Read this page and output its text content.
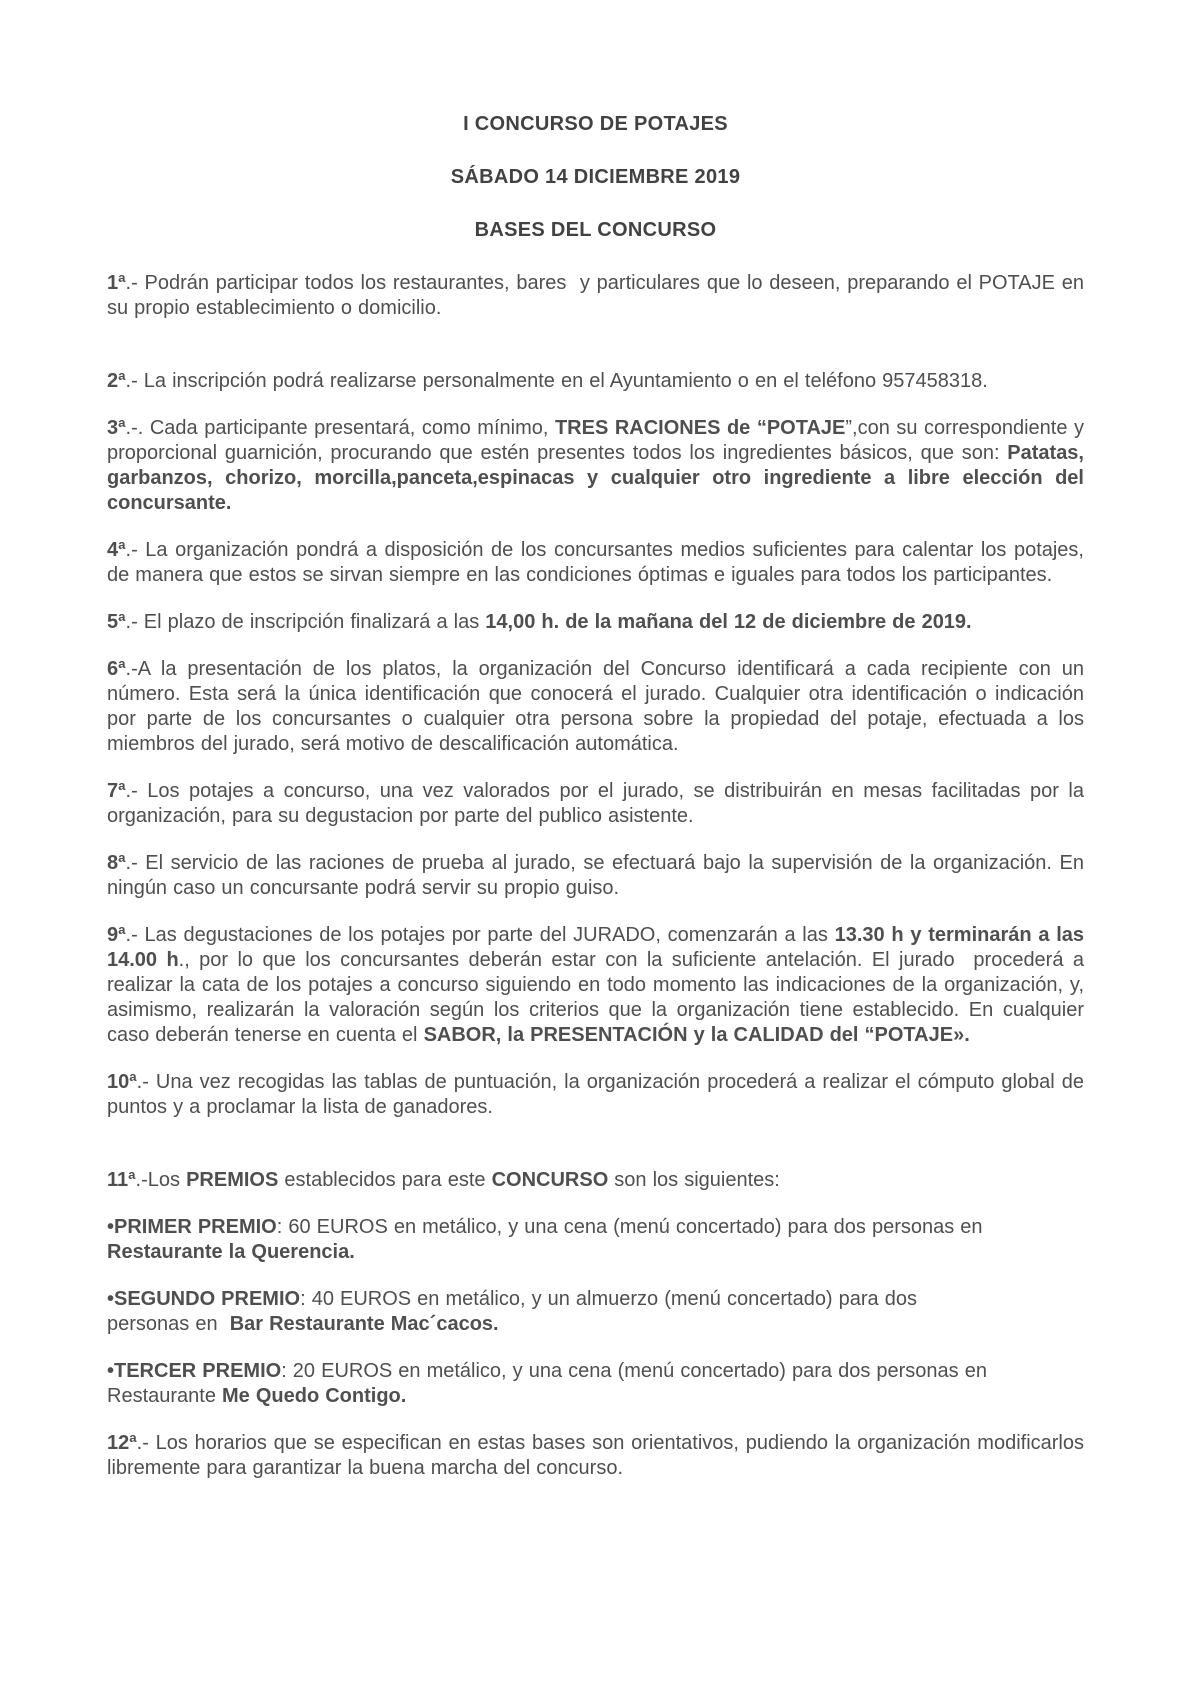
I CONCURSO DE POTAJES
SÁBADO 14 DICIEMBRE 2019
BASES DEL CONCURSO

1ª.- Podrán participar todos los restaurantes, bares  y particulares que lo deseen, preparando el POTAJE en su propio establecimiento o domicilio.

2ª.- La inscripción podrá realizarse personalmente en el Ayuntamiento o en el teléfono 957458318.

3ª.-. Cada participante presentará, como mínimo, TRES RACIONES de “POTAJE”,con su correspondiente y proporcional guarnición, procurando que estén presentes todos los ingredientes básicos, que son: Patatas, garbanzos, chorizo, morcilla,panceta,espinacas y cualquier otro ingrediente a libre elección del concursante.

4ª.- La organización pondrá a disposición de los concursantes medios suficientes para calentar los potajes, de manera que estos se sirvan siempre en las condiciones óptimas e iguales para todos los participantes.

5ª.- El plazo de inscripción finalizará a las 14,00 h. de la mañana del 12 de diciembre de 2019.

6ª.-A la presentación de los platos, la organización del Concurso identificará a cada recipiente con un número. Esta será la única identificación que conocerá el jurado. Cualquier otra identificación o indicación por parte de los concursantes o cualquier otra persona sobre la propiedad del potaje, efectuada a los miembros del jurado, será motivo de descalificación automática.

7ª.- Los potajes a concurso, una vez valorados por el jurado, se distribuirán en mesas facilitadas por la organización, para su degustacion por parte del publico asistente.

8ª.- El servicio de las raciones de prueba al jurado, se efectuará bajo la supervisión de la organización. En ningún caso un concursante podrá servir su propio guiso.

9ª.- Las degustaciones de los potajes por parte del JURADO, comenzarán a las 13.30 h y terminarán a las 14.00 h., por lo que los concursantes deberán estar con la suficiente antelación. El jurado  procederá a realizar la cata de los potajes a concurso siguiendo en todo momento las indicaciones de la organización, y, asimismo, realizarán la valoración según los criterios que la organización tiene establecido. En cualquier caso deberán tenerse en cuenta el SABOR, la PRESENTACIÓN y la CALIDAD del “POTAJE».

10ª.- Una vez recogidas las tablas de puntuación, la organización procederá a realizar el cómputo global de puntos y a proclamar la lista de ganadores.

11ª.-Los PREMIOS establecidos para este CONCURSO son los siguientes:

•PRIMER PREMIO: 60 EUROS en metálico, y una cena (menú concertado) para dos personas en Restaurante la Querencia.

•SEGUNDO PREMIO: 40 EUROS en metálico, y un almuerzo (menú concertado) para dos
personas en  Bar Restaurante Mac´cacos.

•TERCER PREMIO: 20 EUROS en metálico, y una cena (menú concertado) para dos personas en Restaurante Me Quedo Contigo.

12ª.- Los horarios que se especifican en estas bases son orientativos, pudiendo la organización modificarlos libremente para garantizar la buena marcha del concurso.
